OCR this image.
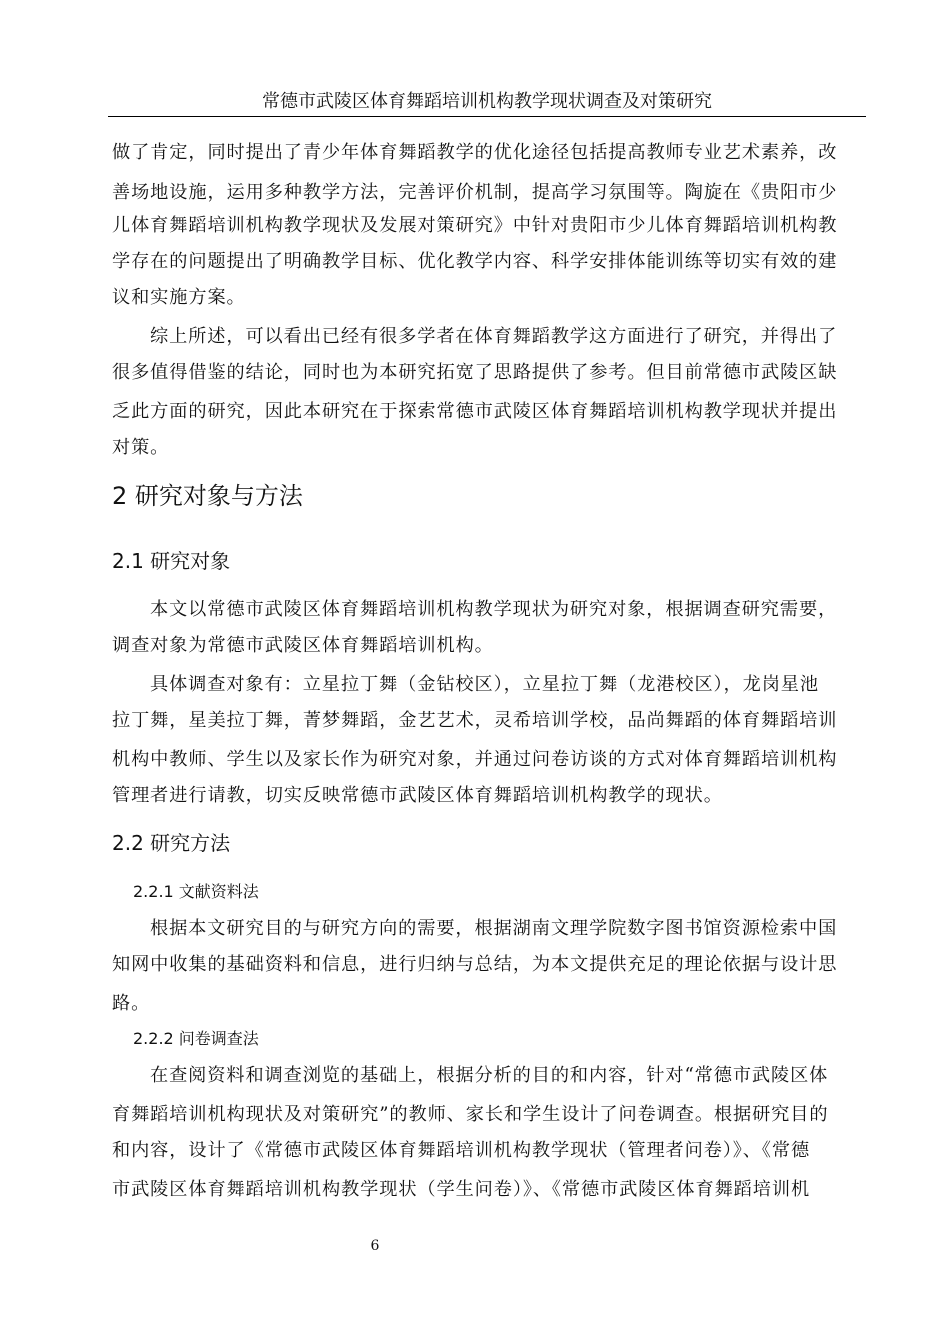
常德市武陵区体育舞蹈培训机构教学现状调查及对策研究
做了肯定，同时提出了青少年体育舞蹈教学的优化途径包括提高教师专业艺术素养，改
善场地设施，运用多种教学方法，完善评价机制，提高学习氛围等。陶旋在《贵阳市少
儿体育舞蹈培训机构教学现状及发展对策研究》中针对贵阳市少儿体育舞蹈培训机构教
学存在的问题提出了明确教学目标、优化教学内容、科学安排体能训练等切实有效的建
议和实施方案。
综上所述，可以看出已经有很多学者在体育舞蹈教学这方面进行了研究，并得出了
很多值得借鉴的结论，同时也为本研究拓宽了思路提供了参考。但目前常德市武陵区缺
乏此方面的研究，因此本研究在于探索常德市武陵区体育舞蹈培训机构教学现状并提出
对策。
2 研究对象与方法
2.1 研究对象
本文以常德市武陵区体育舞蹈培训机构教学现状为研究对象，根据调查研究需要，
调查对象为常德市武陵区体育舞蹈培训机构。
具体调查对象有：立星拉丁舞（金钻校区），立星拉丁舞（龙港校区），龙岗星池
拉丁舞，星美拉丁舞，菁梦舞蹈，金艺艺术，灵希培训学校，品尚舞蹈的体育舞蹈培训
机构中教师、学生以及家长作为研究对象，并通过问卷访谈的方式对体育舞蹈培训机构
管理者进行请教，切实反映常德市武陵区体育舞蹈培训机构教学的现状。
2.2 研究方法
2.2.1 文献资料法
根据本文研究目的与研究方向的需要，根据湖南文理学院数字图书馆资源检索中国
知网中收集的基础资料和信息，进行归纳与总结，为本文提供充足的理论依据与设计思
路。
2.2.2 问卷调查法
在查阅资料和调查浏览的基础上，根据分析的目的和内容，针对“常德市武陵区体
育舞蹈培训机构现状及对策研究”的教师、家长和学生设计了问卷调查。根据研究目的
和内容，设计了《常德市武陵区体育舞蹈培训机构教学现状（管理者问卷）》、《常德
市武陵区体育舞蹈培训机构教学现状（学生问卷）》、《常德市武陵区体育舞蹈培训机
6
